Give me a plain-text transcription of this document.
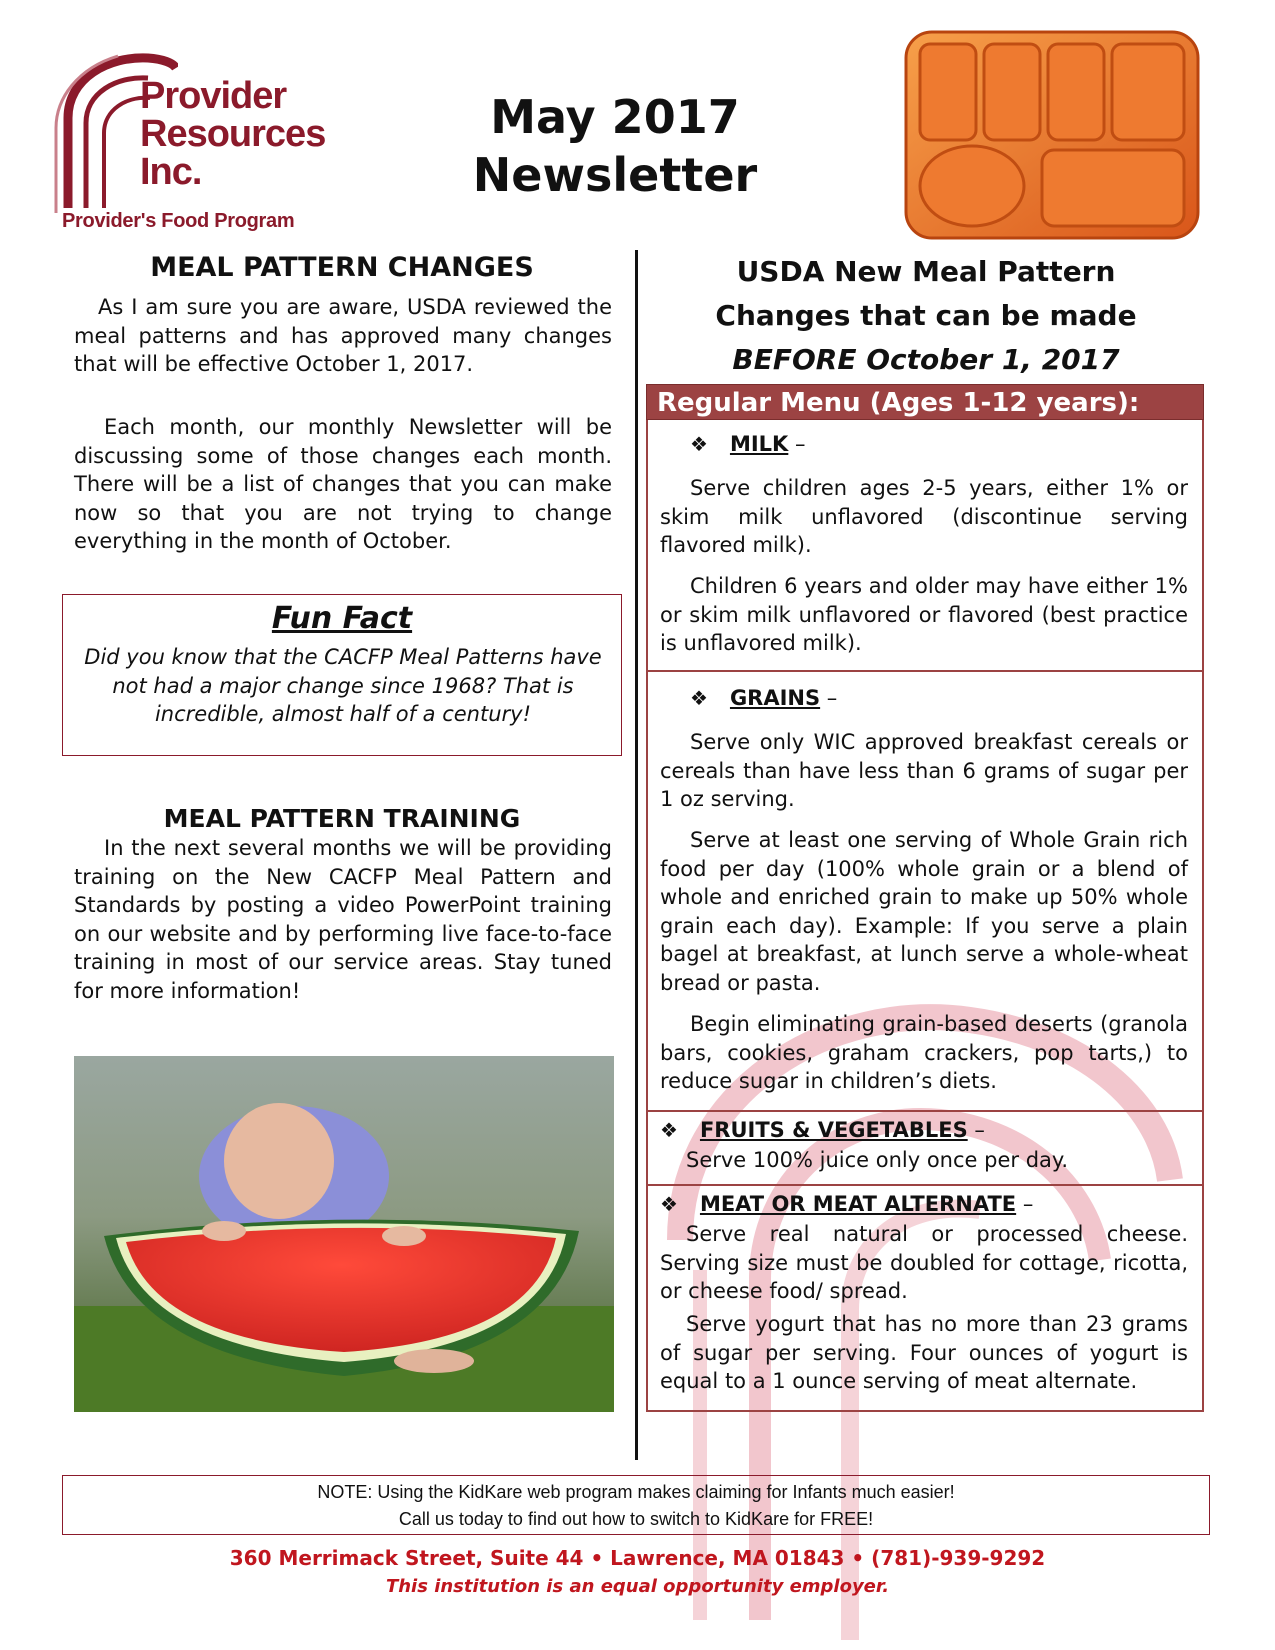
Provider
Resources
Inc.
Provider's Food Program
May 2017
Newsletter
MEAL PATTERN CHANGES
As I am sure you are aware, USDA reviewed the meal patterns and has approved many changes that will be effective October 1, 2017.
Each month, our monthly Newsletter will be discussing some of those changes each month. There will be a list of changes that you can make now so that you are not trying to change everything in the month of October.
Fun Fact
Did you know that the CACFP Meal Patterns have not had a major change since 1968? That is incredible, almost half of a century!
MEAL PATTERN TRAINING
In the next several months we will be providing training on the New CACFP Meal Pattern and Standards by posting a video PowerPoint training on our website and by performing live face-to-face training in most of our service areas. Stay tuned for more information!
USDA New Meal Pattern
Changes that can be made
BEFORE October 1, 2017
Regular Menu (Ages 1-12 years):
❖ MILK –
Serve children ages 2-5 years, either 1% or skim milk unflavored (discontinue serving flavored milk).
Children 6 years and older may have either 1% or skim milk unflavored or flavored (best practice is unflavored milk).
❖ GRAINS –
Serve only WIC approved breakfast cereals or cereals than have less than 6 grams of sugar per 1 oz serving.
Serve at least one serving of Whole Grain rich food per day (100% whole grain or a blend of whole and enriched grain to make up 50% whole grain each day). Example: If you serve a plain bagel at breakfast, at lunch serve a whole-wheat bread or pasta.
Begin eliminating grain-based deserts (granola bars, cookies, graham crackers, pop tarts,) to reduce sugar in children’s diets.
❖ FRUITS & VEGETABLES –
Serve 100% juice only once per day.
❖ MEAT OR MEAT ALTERNATE –
Serve real natural or processed cheese. Serving size must be doubled for cottage, ricotta, or cheese food/ spread.
Serve yogurt that has no more than 23 grams of sugar per serving. Four ounces of yogurt is equal to a 1 ounce serving of meat alternate.
NOTE: Using the KidKare web program makes claiming for Infants much easier!
Call us today to find out how to switch to KidKare for FREE!
360 Merrimack Street, Suite 44 • Lawrence, MA 01843 • (781)-939-9292
This institution is an equal opportunity employer.
